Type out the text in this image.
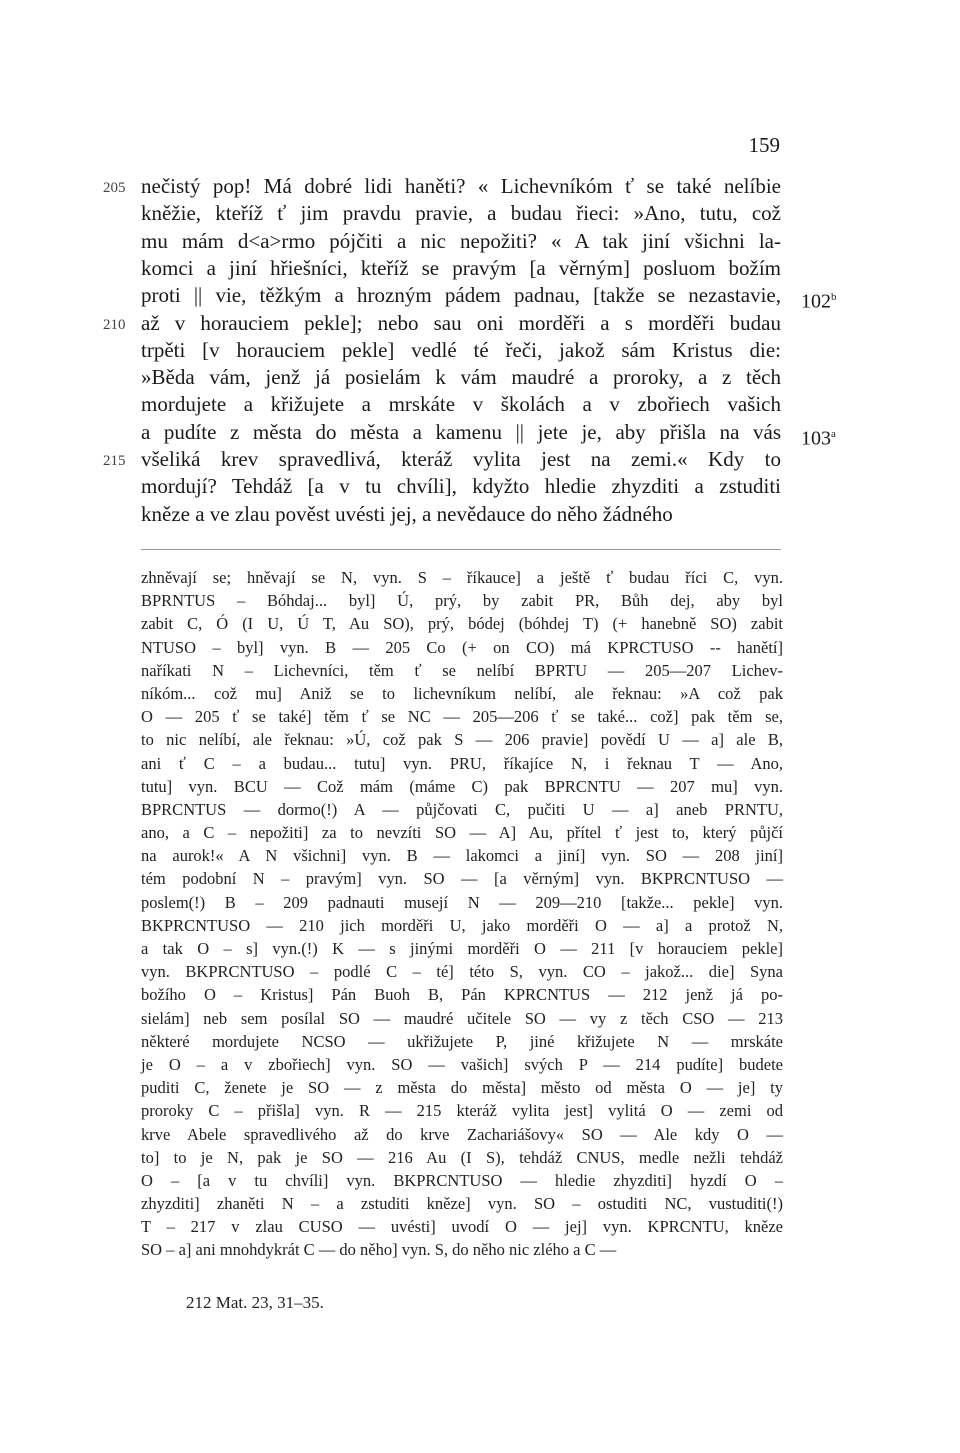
159
nečistý pop! Má dobré lidi haněti? « Lichevníkóm ť se také nelíbie
205
kněžie, kteříž ť jim pravdu pravie, a budau řieci: »Ano, tutu, což
mu mám d<a>rmo pójčiti a nic nepožiti? « A tak jiní všichni la-
komci a jiní hřiešníci, kteříž se pravým [a věrným] posluom božím
proti || vie, těžkým a hrozným pádem padnau, [takže se nezastavie, 102$^b$
až v horauciem pekle]; nebo sau oni morděři a s morděři budau
210
trpěti [v horauciem pekle] vedlé té řeči, jakož sám Kristus die:
»Běda vám, jenž já posielám k vám maudré a proroky, a z těch
mordujete a křižujete a mrskáte v školách a v zbořiech vašich
a pudíte z města do města a kamenu || jete je, aby přišla na vás 103$^a$
všeliká krev spravedlivá, kteráž vylita jest na zemi.« Kdy to
215
mordují? Tehdáž [a v tu chvíli], kdyžto hledie zhyzditi a zstuditi
kněze a ve zlau pověst uvésti jej, a nevědauce do něho žádného
zhněvají se; hněvají se N, vyn. S – říkauce] a ještě ť budau říci C, vyn.
BPRNTUS – Bóhdaj... byl] Ú, prý, by zabit PR, Bůh dej, aby byl
zabit C, Ó (I U, Ú T, Au SO), prý, bódej (bóhdej T) (+ hanebně SO) zabit
NTUSO – byl] vyn. B — 205 Co (+ on CO) má KPRCTUSO -- hanětí]
naříkati N – Lichevníci, těm ť se nelíbí BPRTU — 205—207 Lichev-
níkóm... což mu] Aniž se to lichevníkum nelíbí, ale řeknau: »A což pak
O — 205 ť se také] těm ť se NC — 205—206 ť se také... což] pak těm se,
to nic nelíbí, ale řeknau: »Ú, což pak S — 206 pravie] povědí U — a] ale B,
ani ť C – a budau... tutu] vyn. PRU, říkajíce N, i řeknau T — Ano,
tutu] vyn. BCU — Což mám (máme C) pak BPRCNTU — 207 mu] vyn.
BPRCNTUS — dormo(!) A — půjčovati C, pučiti U — a] aneb PRNTU,
ano, a C – nepožiti] za to nevzíti SO — A] Au, přítel ť jest to, který půjčí
na aurok!« A N všichni] vyn. B — lakomci a jiní] vyn. SO — 208 jiní]
tém podobní N – pravým] vyn. SO — [a věrným] vyn. BKPRCNTUSO —
poslem(!) B – 209 padnauti musejí N — 209—210 [takže... pekle] vyn.
BKPRCNTUSO — 210 jich morděři U, jako morděři O — a] a protož N,
a tak O – s] vyn.(!) K — s jinými morděři O — 211 [v horauciem pekle]
vyn. BKPRCNTUSO – podlé C – té] této S, vyn. CO – jakož... die] Syna
božího O – Kristus] Pán Buoh B, Pán KPRCNTUS — 212 jenž já po-
sielám] neb sem posílal SO — maudré učitele SO — vy z těch CSO — 213
některé mordujete NCSO — ukřižujete P, jiné křižujete N — mrskáte
je O – a v zbořiech] vyn. SO — vašich] svých P — 214 pudíte] budete
puditi C, ženete je SO — z města do města] město od města O — je] ty
proroky C – přišla] vyn. R — 215 kteráž vylita jest] vylitá O — zemi od
krve Abele spravedlivého až do krve Zachariášovy« SO — Ale kdy O —
to] to je N, pak je SO — 216 Au (I S), tehdáž CNUS, medle nežli tehdáž
O – [a v tu chvíli] vyn. BKPRCNTUSO — hledie zhyzditi] hyzdí O –
zhyzditi] zhaněti N – a zstuditi kněze] vyn. SO – ostuditi NC, vustuditi(!)
T – 217 v zlau CUSO — uvésti] uvodí O — jej] vyn. KPRCNTU, kněze
SO – a] ani mnohdykrát C — do něho] vyn. S, do něho nic zlého a C —
212 Mat. 23, 31–35.
